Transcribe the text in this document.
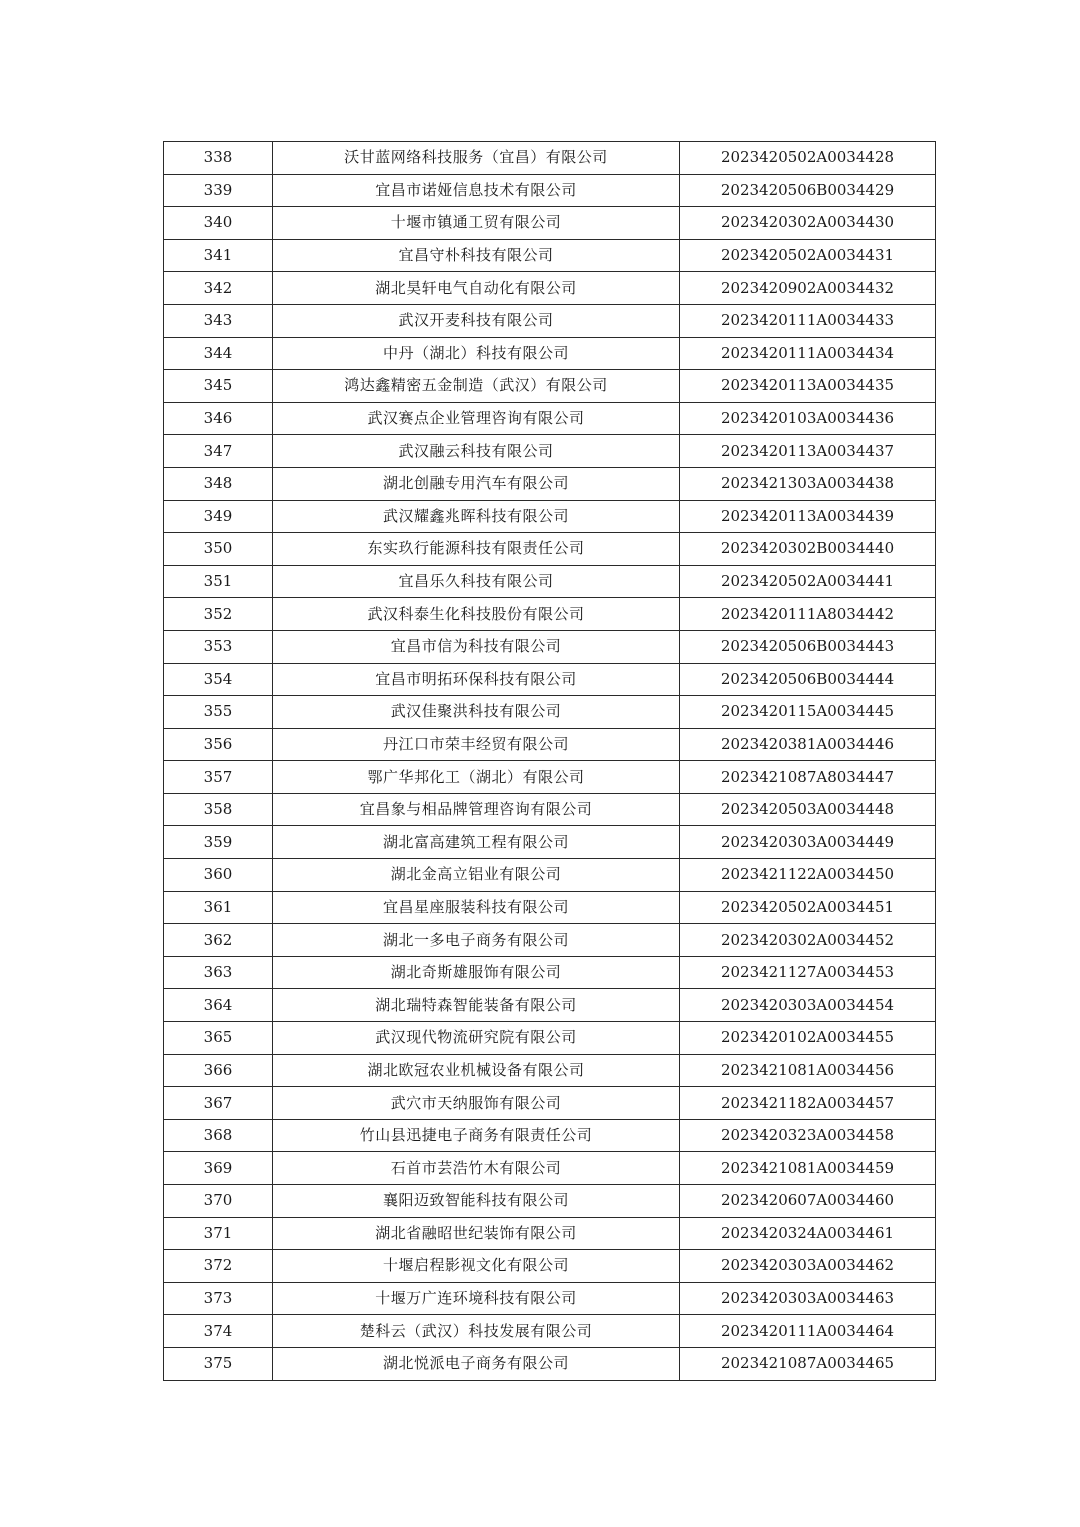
338	沃甘蓝网络科技服务（宜昌）有限公司	2023420502A0034428
339	宜昌市诺娅信息技术有限公司	2023420506B0034429
340	十堰市镇通工贸有限公司	2023420302A0034430
341	宜昌守朴科技有限公司	2023420502A0034431
342	湖北昊轩电气自动化有限公司	2023420902A0034432
343	武汉开麦科技有限公司	2023420111A0034433
344	中丹（湖北）科技有限公司	2023420111A0034434
345	鸿达鑫精密五金制造（武汉）有限公司	2023420113A0034435
346	武汉赛点企业管理咨询有限公司	2023420103A0034436
347	武汉融云科技有限公司	2023420113A0034437
348	湖北创融专用汽车有限公司	2023421303A0034438
349	武汉耀鑫兆晖科技有限公司	2023420113A0034439
350	东实玖行能源科技有限责任公司	2023420302B0034440
351	宜昌乐久科技有限公司	2023420502A0034441
352	武汉科泰生化科技股份有限公司	2023420111A8034442
353	宜昌市信为科技有限公司	2023420506B0034443
354	宜昌市明拓环保科技有限公司	2023420506B0034444
355	武汉佳聚洪科技有限公司	2023420115A0034445
356	丹江口市荣丰经贸有限公司	2023420381A0034446
357	鄂广华邦化工（湖北）有限公司	2023421087A8034447
358	宜昌象与相品牌管理咨询有限公司	2023420503A0034448
359	湖北富高建筑工程有限公司	2023420303A0034449
360	湖北金高立铝业有限公司	2023421122A0034450
361	宜昌星座服装科技有限公司	2023420502A0034451
362	湖北一多电子商务有限公司	2023420302A0034452
363	湖北奇斯雄服饰有限公司	2023421127A0034453
364	湖北瑞特森智能装备有限公司	2023420303A0034454
365	武汉现代物流研究院有限公司	2023420102A0034455
366	湖北欧冠农业机械设备有限公司	2023421081A0034456
367	武穴市天纳服饰有限公司	2023421182A0034457
368	竹山县迅捷电子商务有限责任公司	2023420323A0034458
369	石首市芸浩竹木有限公司	2023421081A0034459
370	襄阳迈致智能科技有限公司	2023420607A0034460
371	湖北省融昭世纪装饰有限公司	2023420324A0034461
372	十堰启程影视文化有限公司	2023420303A0034462
373	十堰万广连环境科技有限公司	2023420303A0034463
374	楚科云（武汉）科技发展有限公司	2023420111A0034464
375	湖北悦派电子商务有限公司	2023421087A0034465
